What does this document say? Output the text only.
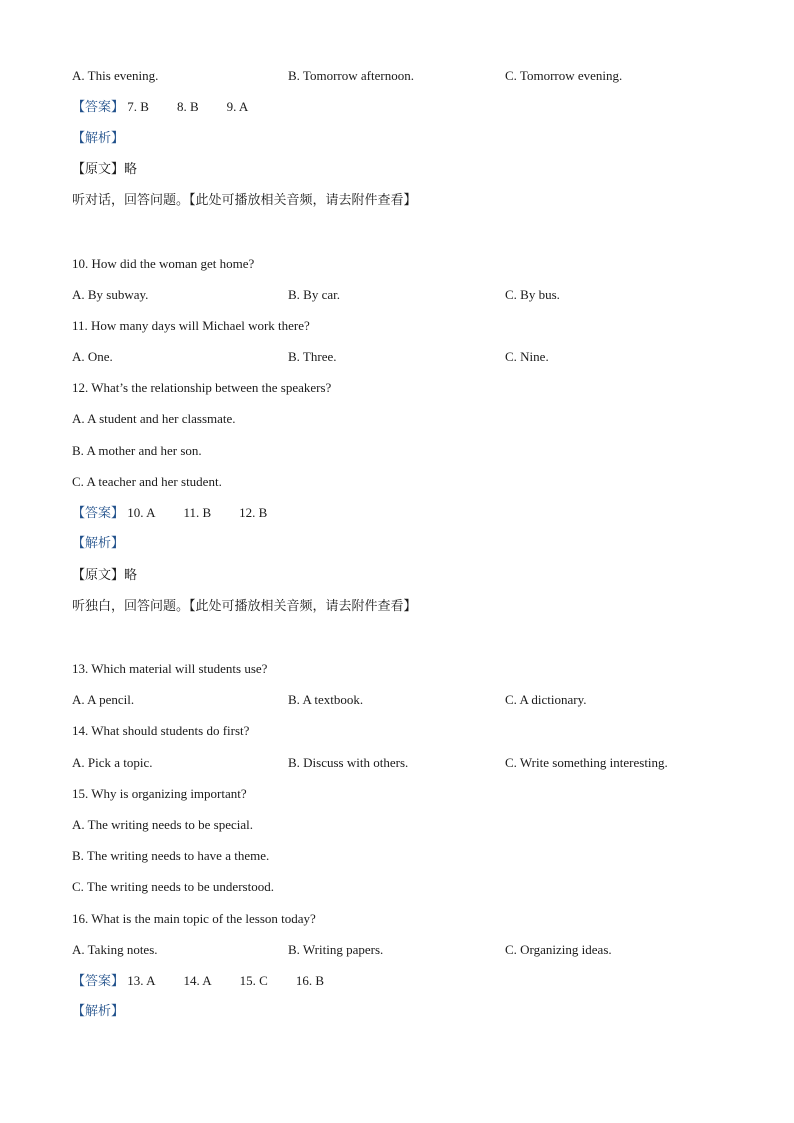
A. This evening.	B. Tomorrow afternoon.	C. Tomorrow evening.
【答案】 7. B 8. B 9. A
【解析】
【原文】略
听对话，回答问题。【此处可播放相关音频，请去附件查看】
10. How did the woman get home?
A. By subway.	B. By car.	C. By bus.
11. How many days will Michael work there?
A. One.	B. Three.	C. Nine.
12. What’s the relationship between the speakers?
A. A student and her classmate.
B. A mother and her son.
C. A teacher and her student.
【答案】 10. A 11. B 12. B
【解析】
【原文】略
听独白，回答问题。【此处可播放相关音频，请去附件查看】
13. Which material will students use?
A. A pencil.	B. A textbook.	C. A dictionary.
14. What should students do first?
A. Pick a topic.	B. Discuss with others.	C. Write something interesting.
15. Why is organizing important?
A. The writing needs to be special.
B. The writing needs to have a theme.
C. The writing needs to be understood.
16. What is the main topic of the lesson today?
A. Taking notes.	B. Writing papers.	C. Organizing ideas.
【答案】 13. A 14. A 15. C 16. B
【解析】
